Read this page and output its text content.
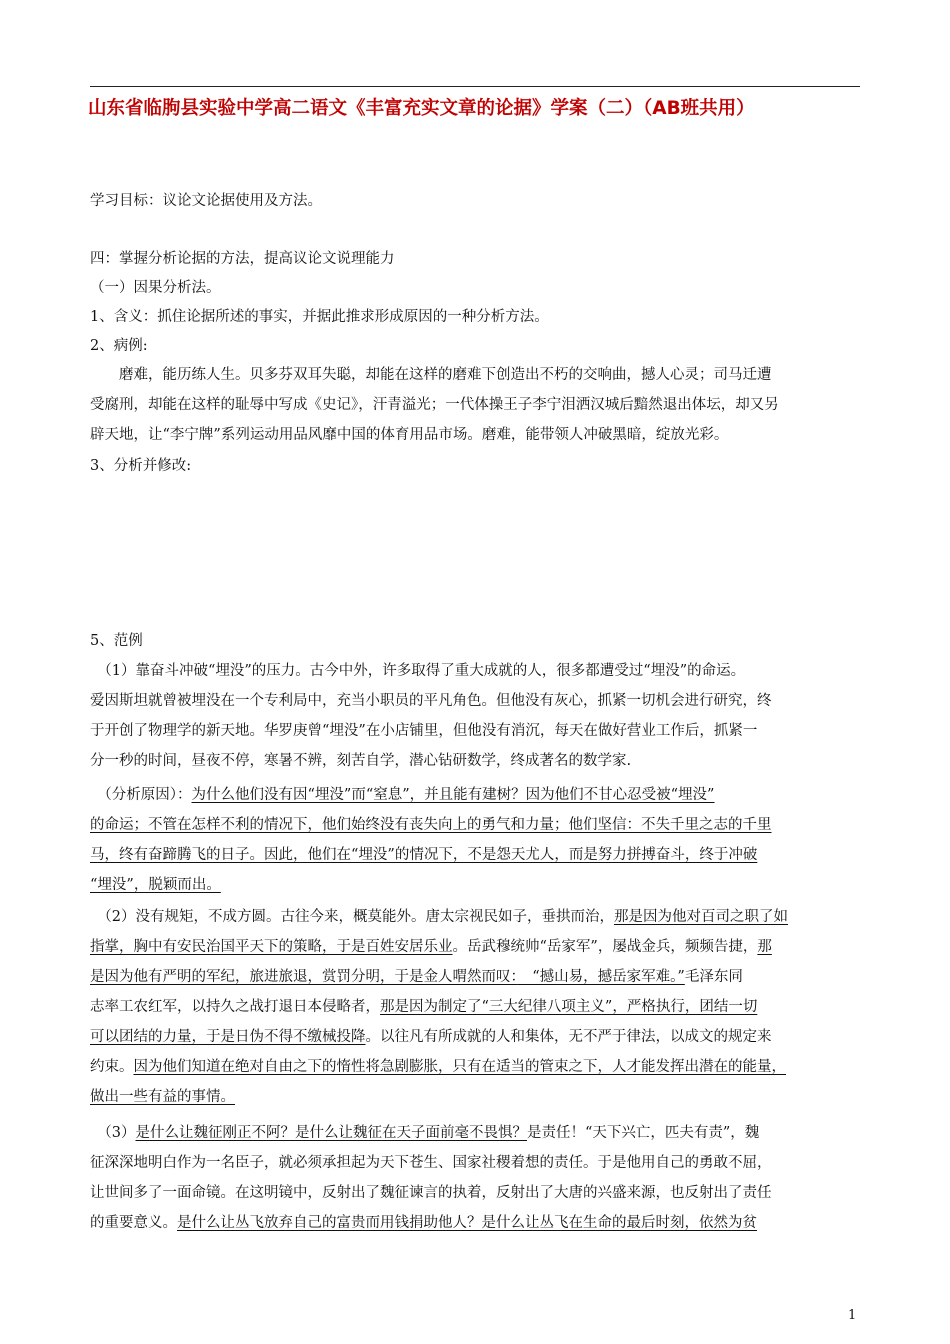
山东省临朐县实验中学高二语文《丰富充实文章的论据》学案（二）（AB班共用）
学习目标：议论文论据使用及方法。
四：掌握分析论据的方法，提高议论文说理能力
（一）因果分析法。
1、含义：抓住论据所述的事实，并据此推求形成原因的一种分析方法。
2、病例:
　　磨难，能历练人生。贝多芬双耳失聪，却能在这样的磨难下创造出不朽的交响曲，撼人心灵；司马迁遭
受腐刑，却能在这样的耻辱中写成《史记》，汗青溢光；一代体操王子李宁泪洒汉城后黯然退出体坛，却又另
辟天地，让“李宁牌”系列运动用品风靡中国的体育用品市场。磨难，能带领人冲破黑暗，绽放光彩。
3、分析并修改:
5、范例
　（1）靠奋斗冲破“埋没”的压力。古今中外，许多取得了重大成就的人，很多都遭受过“埋没”的命运。
爱因斯坦就曾被埋没在一个专利局中，充当小职员的平凡角色。但他没有灰心，抓紧一切机会进行研究，终
于开创了物理学的新天地。华罗庚曾“埋没”在小店铺里，但他没有消沉，每天在做好营业工作后，抓紧一
分一秒的时间，昼夜不停，寒暑不辨，刻苦自学，潜心钻研数学，终成著名的数学家.
　（分析原因）：为什么他们没有因“埋没”而“窒息”，并且能有建树？因为他们不甘心忍受被“埋没”
的命运；不管在怎样不利的情况下，他们始终没有丧失向上的勇气和力量；他们坚信：不失千里之志的千里
马，终有奋蹄腾飞的日子。因此，他们在“埋没”的情况下，不是怨天尤人，而是努力拼搏奋斗，终于冲破
“埋没”，脱颖而出。
　（2）没有规矩，不成方圆。古往今来，概莫能外。唐太宗视民如子，垂拱而治，那是因为他对百司之职了如
指掌，胸中有安民治国平天下的策略，于是百姓安居乐业。岳武穆统帅“岳家军”，屡战金兵，频频告捷，那
是因为他有严明的军纪，旅进旅退，赏罚分明，于是金人喟然而叹：　“撼山易，撼岳家军难。”毛泽东同
志率工农红军，以持久之战打退日本侵略者，那是因为制定了“三大纪律八项主义”，严格执行，团结一切
可以团结的力量，于是日伪不得不缴械投降。以往凡有所成就的人和集体，无不严于律法，以成文的规定来
约束。因为他们知道在绝对自由之下的惰性将急剧膨胀，只有在适当的管束之下，人才能发挥出潜在的能量，
做出一些有益的事情。
　（3）是什么让魏征刚正不阿？是什么让魏征在天子面前毫不畏惧？是责任！“天下兴亡，匹夫有责”，魏
征深深地明白作为一名臣子，就必须承担起为天下苍生、国家社稷着想的责任。于是他用自己的勇敢不屈，
让世间多了一面命镜。在这明镜中，反射出了魏征谏言的执着，反射出了大唐的兴盛来源，也反射出了责任
的重要意义。是什么让丛飞放弃自己的富贵而用钱捐助他人？是什么让丛飞在生命的最后时刻，依然为贫
1
